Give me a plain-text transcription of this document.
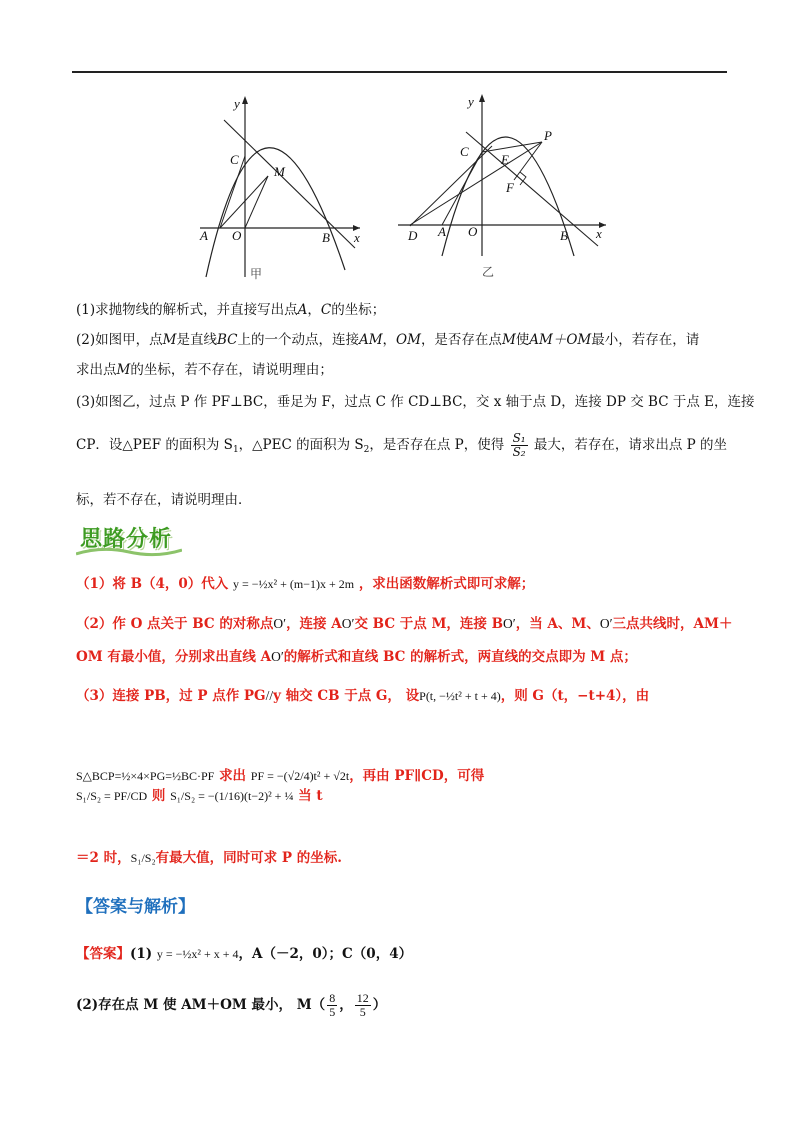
y
x
C
M
A O	B
甲
y
x
C
P
E
F
D A O	B
乙
(1)求抛物线的解析式，并直接写出点A，C的坐标；
(2)如图甲，点M是直线BC上的一个动点，连接AM，OM，是否存在点M使AM＋OM最小，若存在，请
求出点M的坐标，若不存在，请说明理由；
(3)如图乙，过点 P 作 PF⊥BC，垂足为 F，过点 C 作 CD⊥BC，交 x 轴于点 D，连接 DP 交 BC 于点 E，连接
CP．设△PEF 的面积为 $S_1$，△PEC 的面积为 $S_2$，是否存在点 P，使得 $\frac{\text{S₁}}{\text{S₂}}$ 最大，若存在，请求出点 P 的坐
标，若不存在，请说明理由．
思路分析
（1）将 B（4，0）代入 y = −½x² + (m−1)x + 2m ，求出函数解析式即可求解；
（2）作 O 点关于 BC 的对称点O′，连接 AO′交 BC 于点 M，连接 BO′，当 A、M、O′三点共线时，AM＋
OM 有最小值，分别求出直线 AO′的解析式和直线 BC 的解析式，两直线的交点即为 M 点；
（3）连接 PB，过 P 点作 PG//y 轴交 CB 于点 G， 设P(t, −½t² + t + 4)，则 G（t，−t+4），由
S△BCP=½×4×PG=½BC·PF 求出 PF = −(√2/4)t² + √2t，再由 PF∥CD，可得
S₁/S₂ = PF/CD 则 S₁/S₂ = −(1/16)(t−2)² + ¼ 当 t
＝2 时，S₁/S₂有最大值，同时可求 P 的坐标.
【答案与解析】
【答案】(1) y = −½x² + x + 4，A（－2，0）；C（0，4）
(2)存在点 M 使 AM＋OM 最小， $M( \frac{8}{5}$ ， $\frac{12}{5}$ ）
